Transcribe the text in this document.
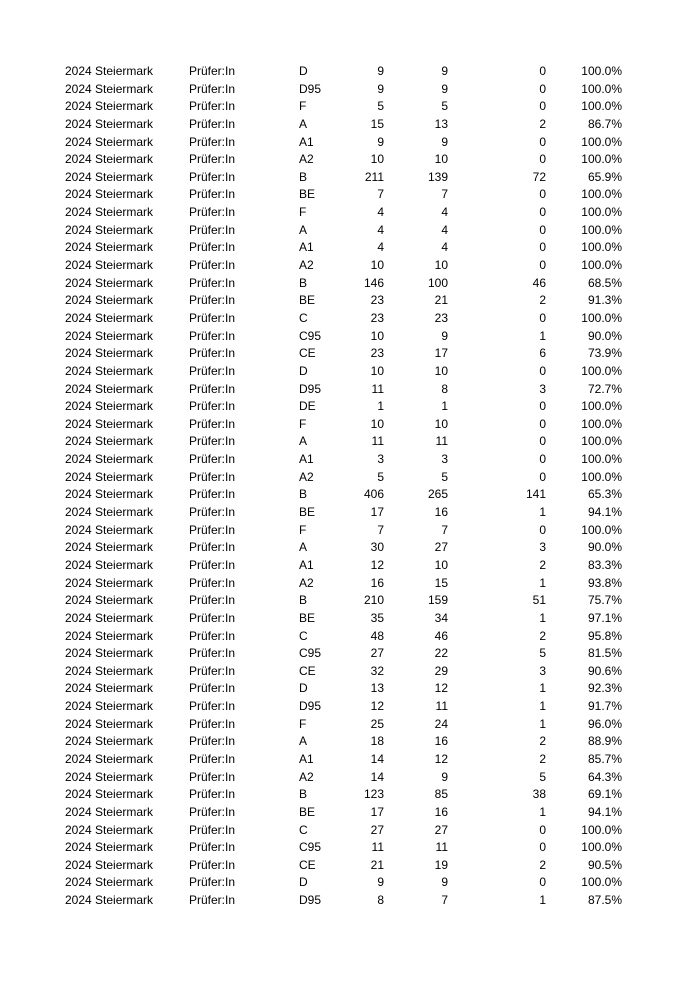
2024 Steiermark	Prüfer:In	D	9	9	0	100.0%
2024 Steiermark	Prüfer:In	D95	9	9	0	100.0%
2024 Steiermark	Prüfer:In	F	5	5	0	100.0%
2024 Steiermark	Prüfer:In	A	15	13	2	86.7%
2024 Steiermark	Prüfer:In	A1	9	9	0	100.0%
2024 Steiermark	Prüfer:In	A2	10	10	0	100.0%
2024 Steiermark	Prüfer:In	B	211	139	72	65.9%
2024 Steiermark	Prüfer:In	BE	7	7	0	100.0%
2024 Steiermark	Prüfer:In	F	4	4	0	100.0%
2024 Steiermark	Prüfer:In	A	4	4	0	100.0%
2024 Steiermark	Prüfer:In	A1	4	4	0	100.0%
2024 Steiermark	Prüfer:In	A2	10	10	0	100.0%
2024 Steiermark	Prüfer:In	B	146	100	46	68.5%
2024 Steiermark	Prüfer:In	BE	23	21	2	91.3%
2024 Steiermark	Prüfer:In	C	23	23	0	100.0%
2024 Steiermark	Prüfer:In	C95	10	9	1	90.0%
2024 Steiermark	Prüfer:In	CE	23	17	6	73.9%
2024 Steiermark	Prüfer:In	D	10	10	0	100.0%
2024 Steiermark	Prüfer:In	D95	11	8	3	72.7%
2024 Steiermark	Prüfer:In	DE	1	1	0	100.0%
2024 Steiermark	Prüfer:In	F	10	10	0	100.0%
2024 Steiermark	Prüfer:In	A	11	11	0	100.0%
2024 Steiermark	Prüfer:In	A1	3	3	0	100.0%
2024 Steiermark	Prüfer:In	A2	5	5	0	100.0%
2024 Steiermark	Prüfer:In	B	406	265	141	65.3%
2024 Steiermark	Prüfer:In	BE	17	16	1	94.1%
2024 Steiermark	Prüfer:In	F	7	7	0	100.0%
2024 Steiermark	Prüfer:In	A	30	27	3	90.0%
2024 Steiermark	Prüfer:In	A1	12	10	2	83.3%
2024 Steiermark	Prüfer:In	A2	16	15	1	93.8%
2024 Steiermark	Prüfer:In	B	210	159	51	75.7%
2024 Steiermark	Prüfer:In	BE	35	34	1	97.1%
2024 Steiermark	Prüfer:In	C	48	46	2	95.8%
2024 Steiermark	Prüfer:In	C95	27	22	5	81.5%
2024 Steiermark	Prüfer:In	CE	32	29	3	90.6%
2024 Steiermark	Prüfer:In	D	13	12	1	92.3%
2024 Steiermark	Prüfer:In	D95	12	11	1	91.7%
2024 Steiermark	Prüfer:In	F	25	24	1	96.0%
2024 Steiermark	Prüfer:In	A	18	16	2	88.9%
2024 Steiermark	Prüfer:In	A1	14	12	2	85.7%
2024 Steiermark	Prüfer:In	A2	14	9	5	64.3%
2024 Steiermark	Prüfer:In	B	123	85	38	69.1%
2024 Steiermark	Prüfer:In	BE	17	16	1	94.1%
2024 Steiermark	Prüfer:In	C	27	27	0	100.0%
2024 Steiermark	Prüfer:In	C95	11	11	0	100.0%
2024 Steiermark	Prüfer:In	CE	21	19	2	90.5%
2024 Steiermark	Prüfer:In	D	9	9	0	100.0%
2024 Steiermark	Prüfer:In	D95	8	7	1	87.5%
